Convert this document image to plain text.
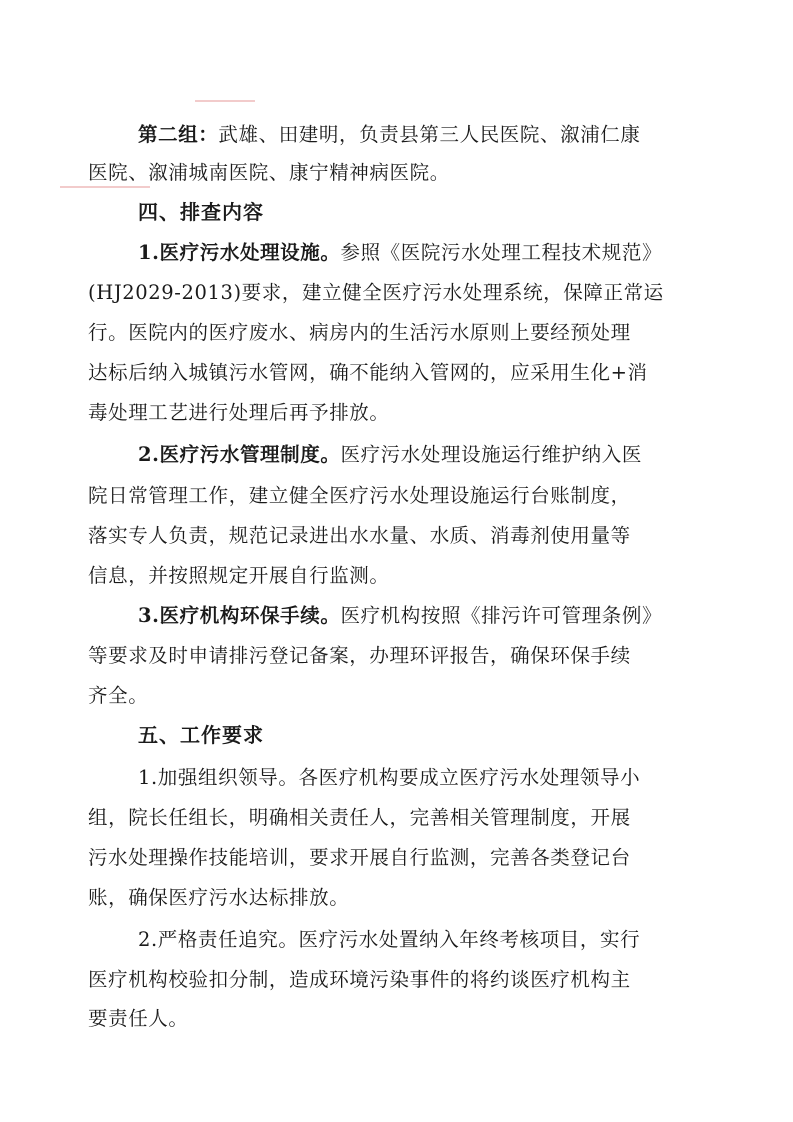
第二组：武雄、田建明，负责县第三人民医院、溆浦仁康
医院、溆浦城南医院、康宁精神病医院。
四、排查内容
1.医疗污水处理设施。参照《医院污水处理工程技术规范》
(HJ2029-2013)要求，建立健全医疗污水处理系统，保障正常运
行。医院内的医疗废水、病房内的生活污水原则上要经预处理
达标后纳入城镇污水管网，确不能纳入管网的，应采用生化+消
毒处理工艺进行处理后再予排放。
2.医疗污水管理制度。医疗污水处理设施运行维护纳入医
院日常管理工作，建立健全医疗污水处理设施运行台账制度，
落实专人负责，规范记录进出水水量、水质、消毒剂使用量等
信息，并按照规定开展自行监测。
3.医疗机构环保手续。医疗机构按照《排污许可管理条例》
等要求及时申请排污登记备案，办理环评报告，确保环保手续
齐全。
五、工作要求
1.加强组织领导。各医疗机构要成立医疗污水处理领导小
组，院长任组长，明确相关责任人，完善相关管理制度，开展
污水处理操作技能培训，要求开展自行监测，完善各类登记台
账，确保医疗污水达标排放。
2.严格责任追究。医疗污水处置纳入年终考核项目，实行
医疗机构校验扣分制，造成环境污染事件的将约谈医疗机构主
要责任人。
